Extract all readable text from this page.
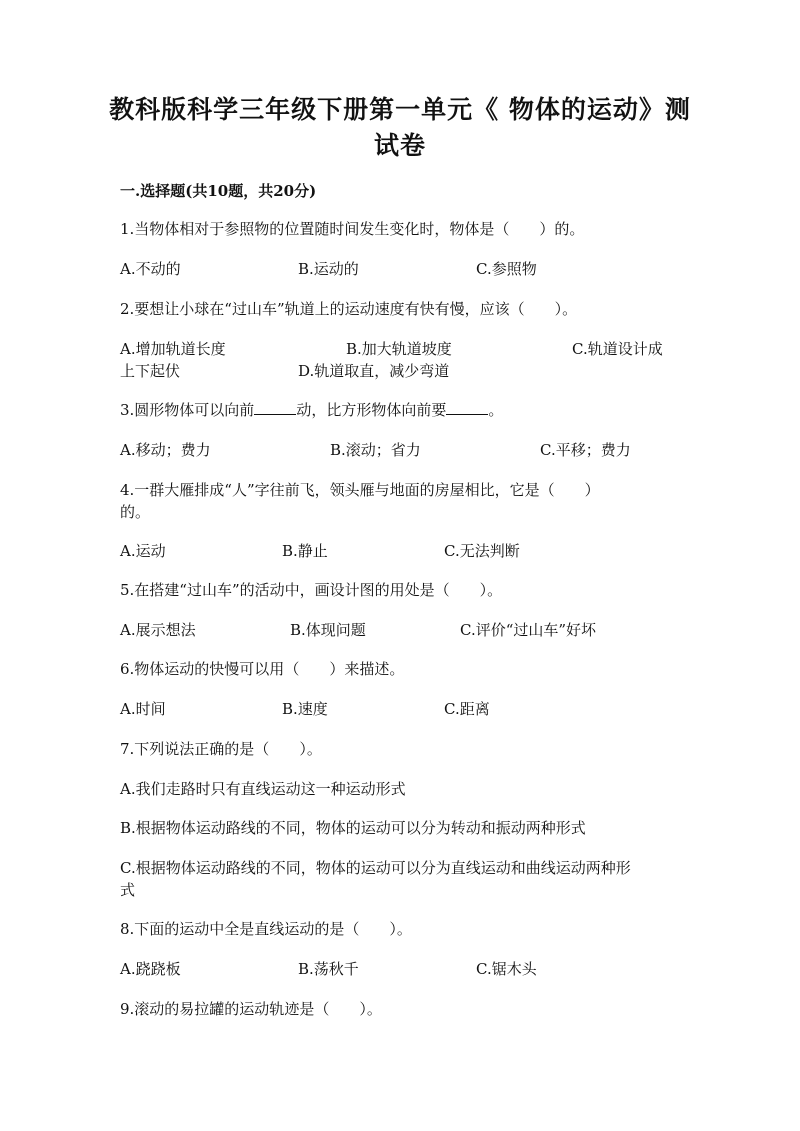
教科版科学三年级下册第一单元《 物体的运动》测
试卷
一.选择题(共10题，共20分)
1.当物体相对于参照物的位置随时间发生变化时，物体是（　　）的。
A.不动的	B.运动的	C.参照物
2.要想让小球在“过山车”轨道上的运动速度有快有慢，应该（　　）。
A.增加轨道长度	B.加大轨道坡度	C.轨道设计成
上下起伏	D.轨道取直，减少弯道
3.圆形物体可以向前	动，比方形物体向前要	。
A.移动；费力	B.滚动；省力	C.平移；费力
4.一群大雁排成“人”字往前飞，领头雁与地面的房屋相比，它是（　　）
的。
A.运动	B.静止	C.无法判断
5.在搭建“过山车”的活动中，画设计图的用处是（　　）。
A.展示想法	B.体现问题	C.评价“过山车”好坏
6.物体运动的快慢可以用（　　）来描述。
A.时间	B.速度	C.距离
7.下列说法正确的是（　　）。
A.我们走路时只有直线运动这一种运动形式
B.根据物体运动路线的不同，物体的运动可以分为转动和振动两种形式
C.根据物体运动路线的不同，物体的运动可以分为直线运动和曲线运动两种形
式
8.下面的运动中全是直线运动的是（　　）。
A.跷跷板	B.荡秋千	C.锯木头
9.滚动的易拉罐的运动轨迹是（　　）。
